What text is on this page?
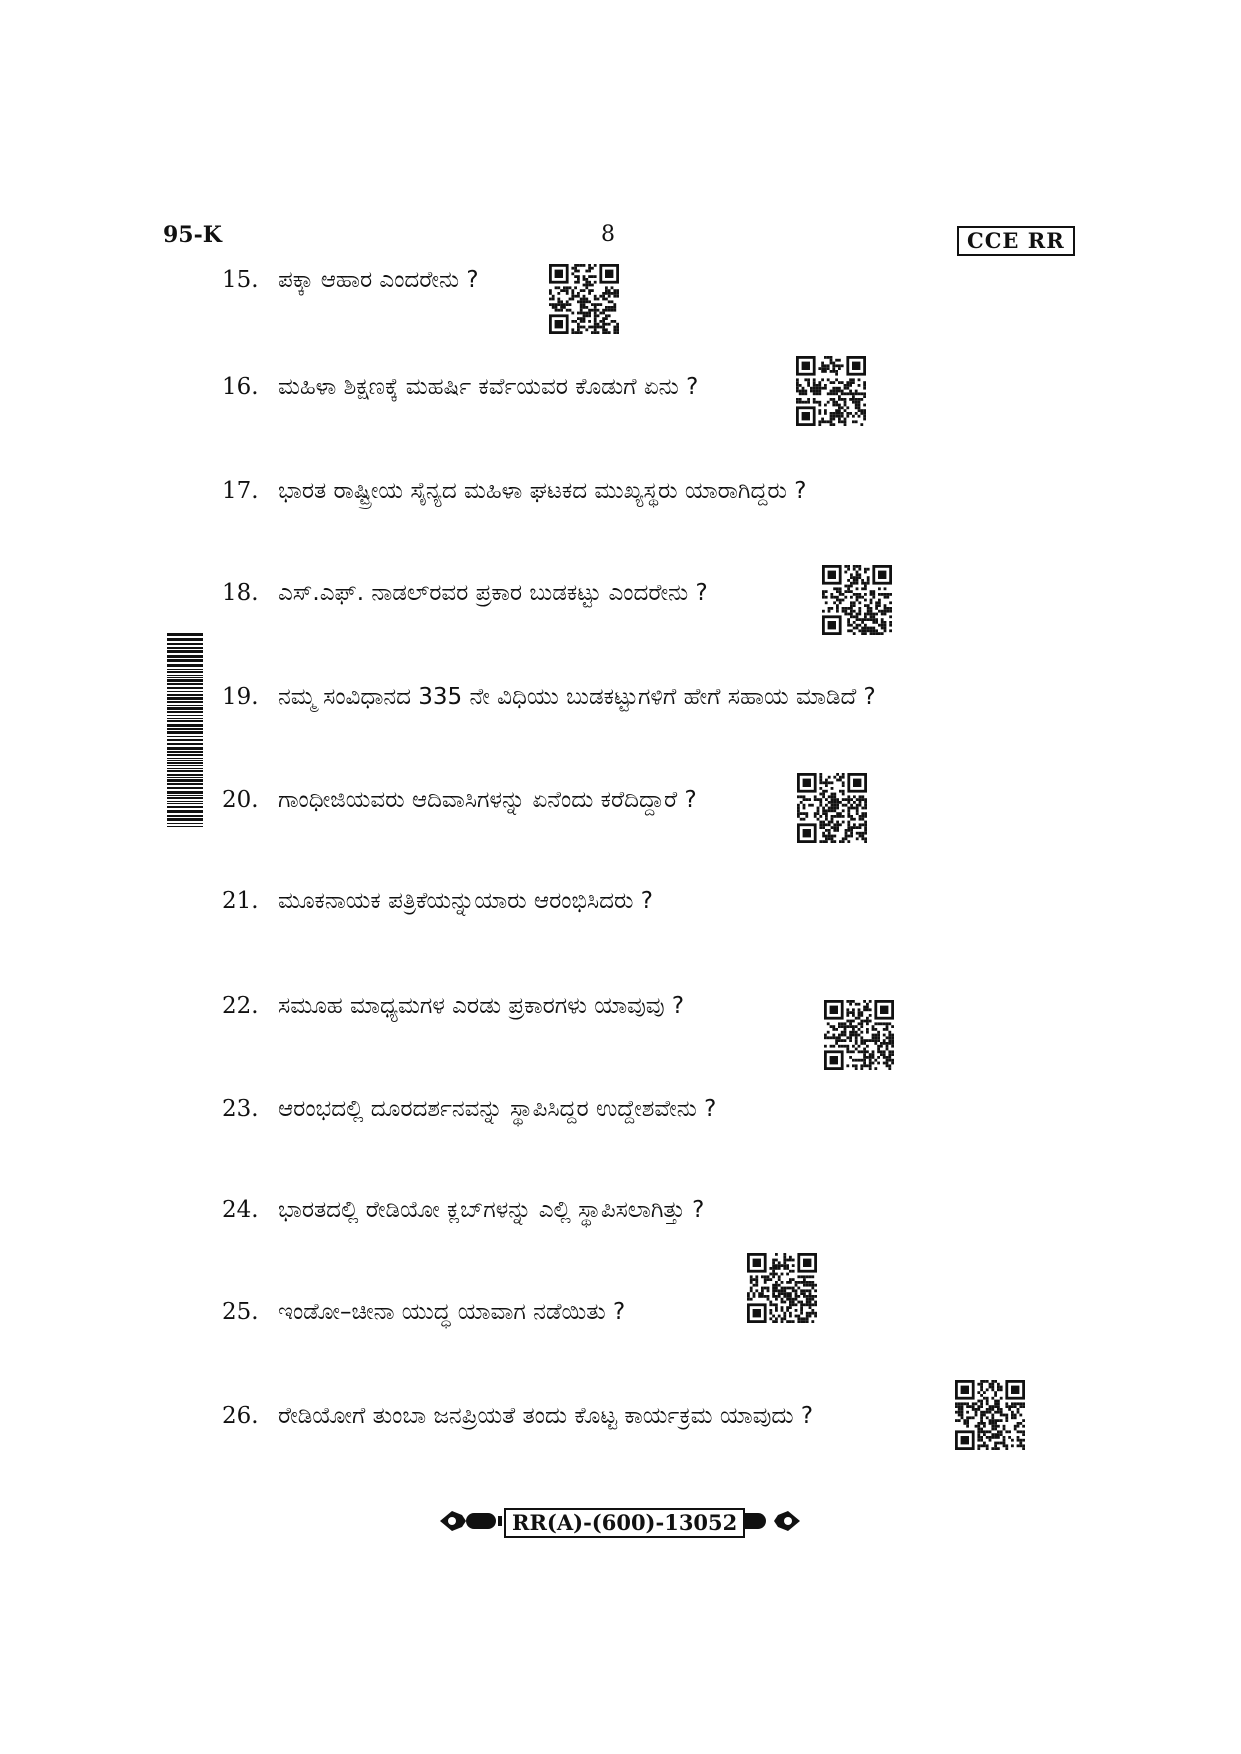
95-K	8	CCE RR
15. ಪಕ್ಕಾ ಆಹಾರ ಎಂದರೇನು ?
16. ಮಹಿಳಾ ಶಿಕ್ಷಣಕ್ಕೆ ಮಹರ್ಷಿ ಕರ್ವೆಯವರ ಕೊಡುಗೆ ಏನು ?
17. ಭಾರತ ರಾಷ್ಟ್ರೀಯ ಸೈನ್ಯದ ಮಹಿಳಾ ಘಟಕದ ಮುಖ್ಯಸ್ಥರು ಯಾರಾಗಿದ್ದರು ?
18. ಎಸ್.ಎಫ್. ನಾಡಲ್‌ರವರ ಪ್ರಕಾರ ಬುಡಕಟ್ಟು ಎಂದರೇನು ?
19. ನಮ್ಮ ಸಂವಿಧಾನದ 335 ನೇ ವಿಧಿಯು ಬುಡಕಟ್ಟುಗಳಿಗೆ ಹೇಗೆ ಸಹಾಯ ಮಾಡಿದೆ ?
20. ಗಾಂಧೀಜಿಯವರು ಆದಿವಾಸಿಗಳನ್ನು ಏನೆಂದು ಕರೆದಿದ್ದಾರೆ ?
21. ಮೂಕನಾಯಕ ಪತ್ರಿಕೆಯನ್ನುಯಾರು ಆರಂಭಿಸಿದರು ?
22. ಸಮೂಹ ಮಾಧ್ಯಮಗಳ ಎರಡು ಪ್ರಕಾರಗಳು ಯಾವುವು ?
23. ಆರಂಭದಲ್ಲಿ ದೂರದರ್ಶನವನ್ನು ಸ್ಥಾಪಿಸಿದ್ದರ ಉದ್ದೇಶವೇನು ?
24. ಭಾರತದಲ್ಲಿ ರೇಡಿಯೋ ಕ್ಲಬ್‌ಗಳನ್ನು ಎಲ್ಲಿ ಸ್ಥಾಪಿಸಲಾಗಿತ್ತು ?
25. ಇಂಡೋ–ಚೀನಾ ಯುದ್ಧ ಯಾವಾಗ ನಡೆಯಿತು ?
26. ರೇಡಿಯೋಗೆ ತುಂಬಾ ಜನಪ್ರಿಯತೆ ತಂದು ಕೊಟ್ಟ ಕಾರ್ಯಕ್ರಮ ಯಾವುದು ?
RR(A)-(600)-13052
